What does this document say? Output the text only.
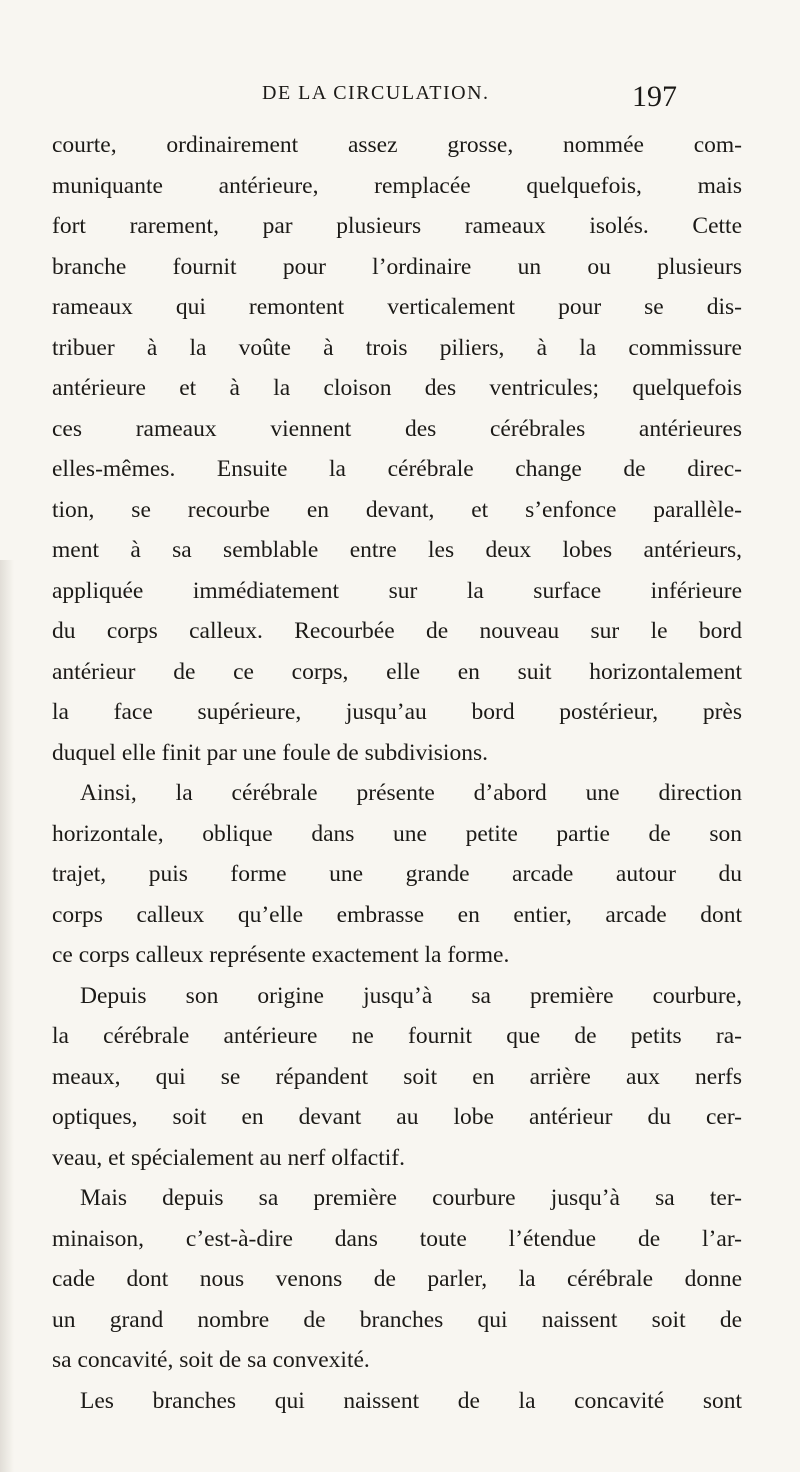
DE LA CIRCULATION.	197
courte, ordinairement assez grosse, nommée com-
muniquante antérieure, remplacée quelquefois, mais
fort rarement, par plusieurs rameaux isolés. Cette
branche fournit pour l’ordinaire un ou plusieurs
rameaux qui remontent verticalement pour se dis-
tribuer à la voûte à trois piliers, à la commissure
antérieure et à la cloison des ventricules; quelquefois
ces rameaux viennent des cérébrales antérieures
elles-mêmes. Ensuite la cérébrale change de direc-
tion, se recourbe en devant, et s’enfonce parallèle-
ment à sa semblable entre les deux lobes antérieurs,
appliquée immédiatement sur la surface inférieure
du corps calleux. Recourbée de nouveau sur le bord
antérieur de ce corps, elle en suit horizontalement
la face supérieure, jusqu’au bord postérieur, près
duquel elle finit par une foule de subdivisions.
Ainsi, la cérébrale présente d’abord une direction
horizontale, oblique dans une petite partie de son
trajet, puis forme une grande arcade autour du
corps calleux qu’elle embrasse en entier, arcade dont
ce corps calleux représente exactement la forme.
Depuis son origine jusqu’à sa première courbure,
la cérébrale antérieure ne fournit que de petits ra-
meaux, qui se répandent soit en arrière aux nerfs
optiques, soit en devant au lobe antérieur du cer-
veau, et spécialement au nerf olfactif.
Mais depuis sa première courbure jusqu’à sa ter-
minaison, c’est-à-dire dans toute l’étendue de l’ar-
cade dont nous venons de parler, la cérébrale donne
un grand nombre de branches qui naissent soit de
sa concavité, soit de sa convexité.
Les branches qui naissent de la concavité sont
